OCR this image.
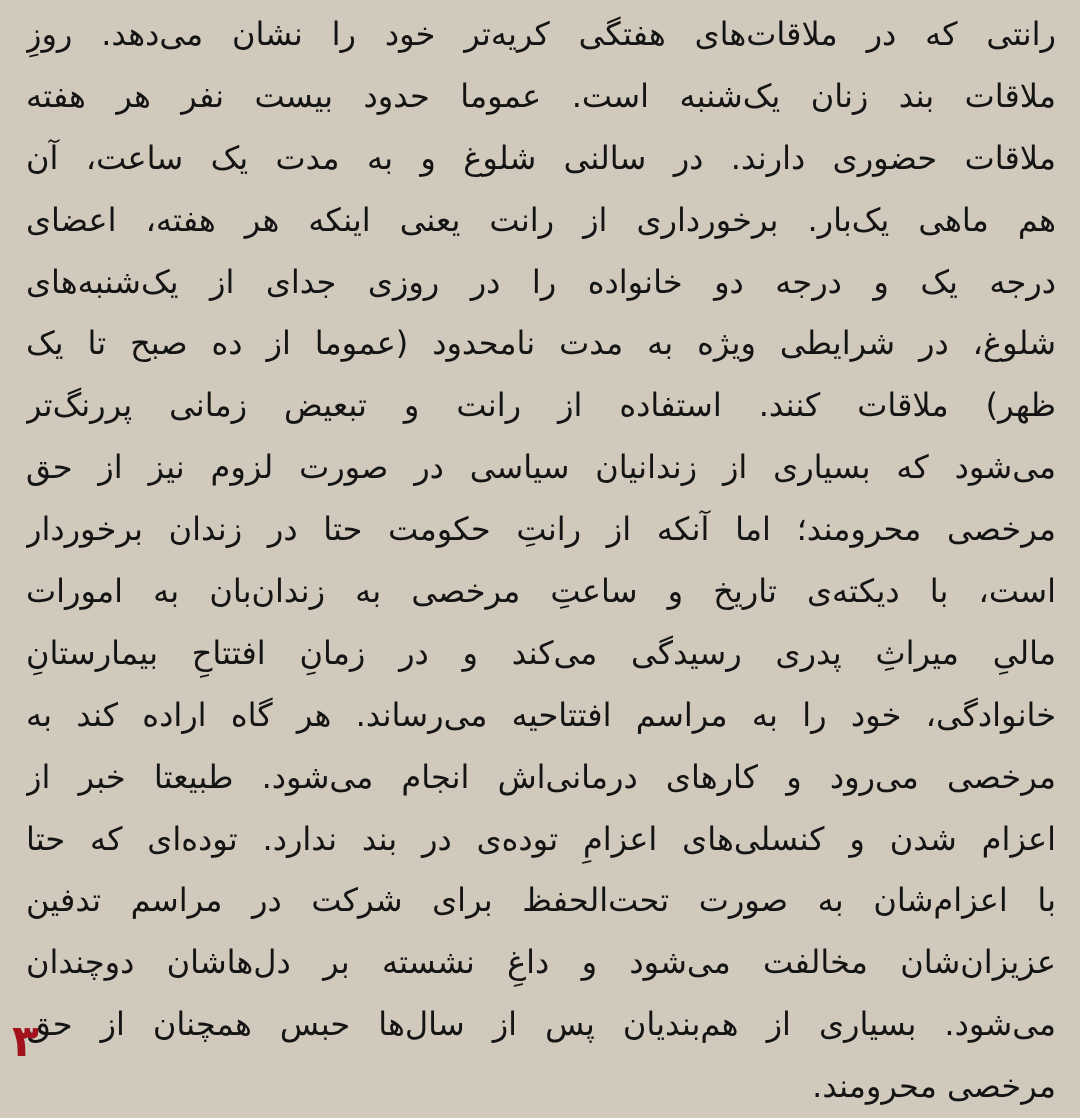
رانتی که در ملاقات‌های هفتگی کریه‌تر خود را نشان می‌دهد. روزِ
ملاقات بند زنان یک‌شنبه است. عموما حدود بیست نفر هر هفته
ملاقات حضوری دارند. در سالنی شلوغ و به مدت یک ساعت، آن
هم ماهی یک‌بار. برخورداری از رانت یعنی اینکه هر هفته، اعضای
درجه یک و درجه دو خانواده را در روزی جدای از یک‌شنبه‌های
شلوغ، در شرایطی ویژه به مدت نامحدود (عموما از ده صبح تا یک
ظهر) ملاقات کنند. استفاده از رانت و تبعیض زمانی پررنگ‌تر
می‌شود که بسیاری از زندانیان سیاسی در صورت لزوم نیز از حق
مرخصی محرومند؛ اما آنکه از رانتِ حکومت حتا در زندان برخوردار
است، با دیکته‌ی تاریخ و ساعتِ مرخصی به زندان‌بان به امورات
مالیِ میراثِ پدری رسیدگی می‌کند و در زمانِ افتتاحِ بیمارستانِ
خانوادگی، خود را به مراسم افتتاحیه می‌رساند. هر گاه اراده کند به
مرخصی می‌رود و کارهای درمانی‌اش انجام می‌شود. طبیعتا خبر از
اعزام شدن و کنسلی‌های اعزامِ توده‌ی در بند ندارد. توده‌ای که حتا
با اعزام‌شان به صورت تحت‌الحفظ برای شرکت در مراسم تدفین
عزیزان‌شان مخالفت می‌شود و داغِ نشسته بر دل‌هاشان دوچندان
می‌شود. بسیاری از هم‌بندیان پس از سال‌ها حبس همچنان از حق
مرخصی محرومند.
۳
